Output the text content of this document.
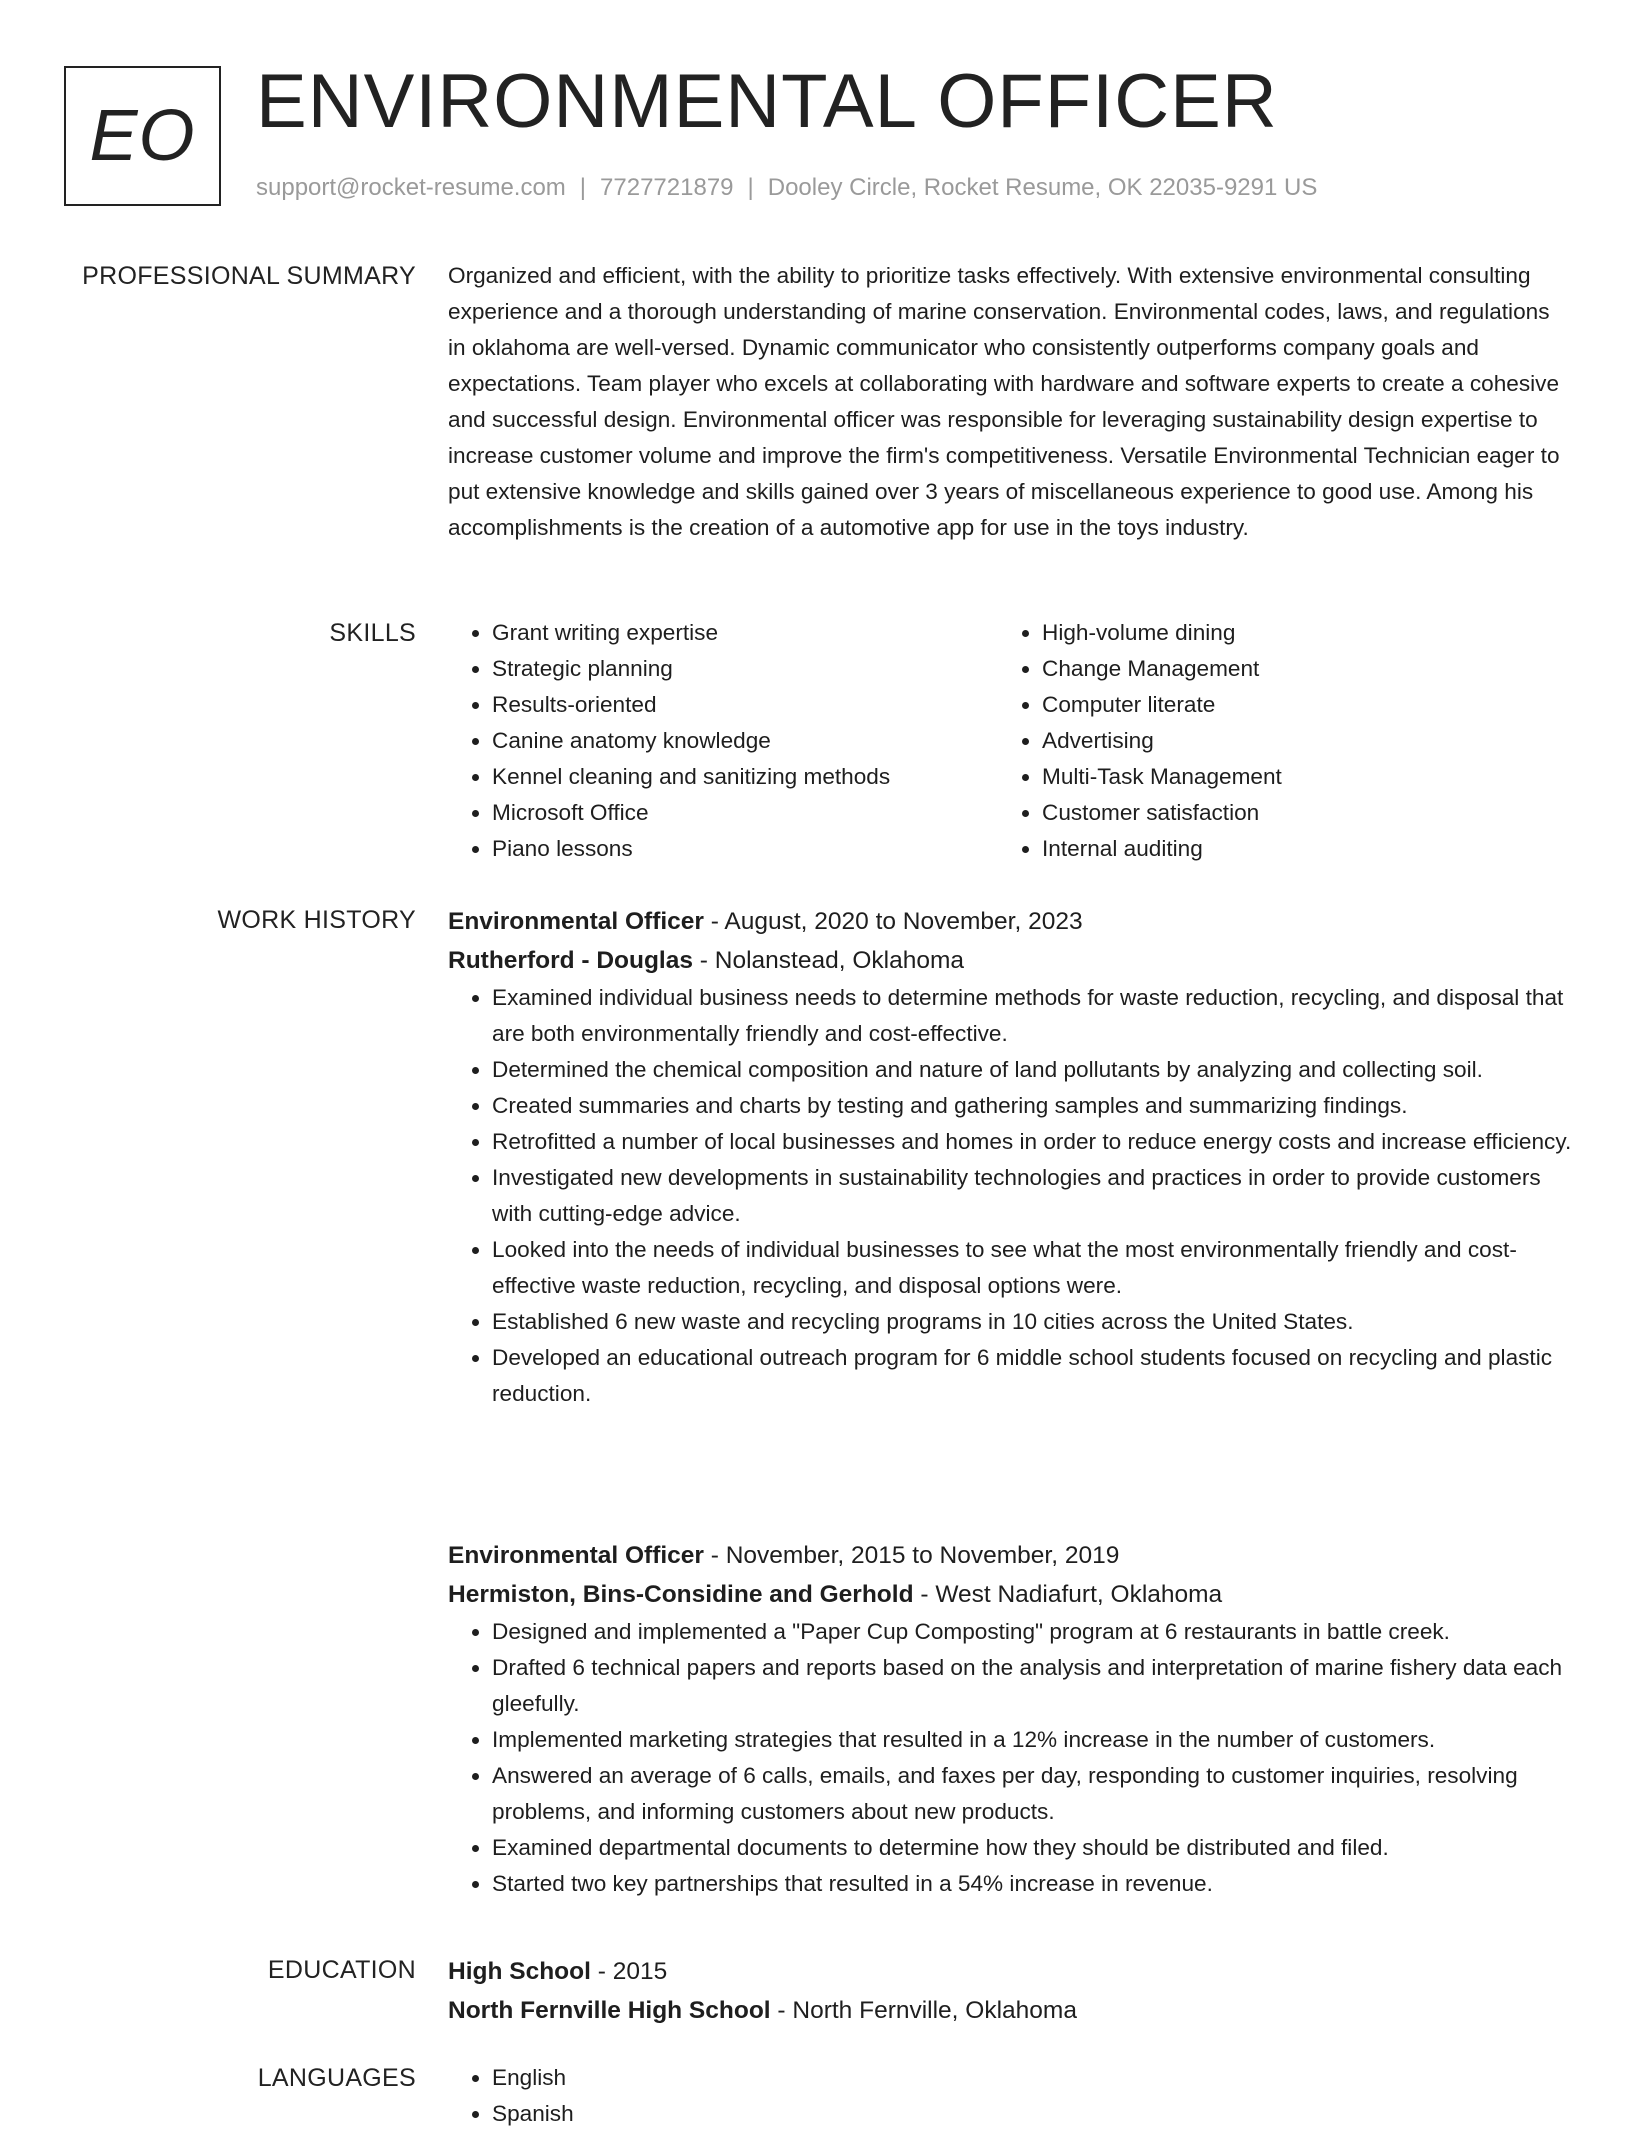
EO ENVIRONMENTAL OFFICER
support@rocket-resume.com | 7727721879 | Dooley Circle, Rocket Resume, OK 22035-9291 US
PROFESSIONAL SUMMARY Organized and efficient, with the ability to prioritize tasks effectively. With extensive environmental consulting experience and a thorough understanding of marine conservation. Environmental codes, laws, and regulations in oklahoma are well-versed. Dynamic communicator who consistently outperforms company goals and expectations. Team player who excels at collaborating with hardware and software experts to create a cohesive and successful design. Environmental officer was responsible for leveraging sustainability design expertise to increase customer volume and improve the firm's competitiveness. Versatile Environmental Technician eager to put extensive knowledge and skills gained over 3 years of miscellaneous experience to good use. Among his accomplishments is the creation of a automotive app for use in the toys industry.

SKILLS	• Grant writing expertise
• Strategic planning
• Results-oriented
• Canine anatomy knowledge
• Kennel cleaning and sanitizing methods
• Microsoft Office
• Piano lessons
• High-volume dining
• Change Management
• Computer literate
• Advertising
• Multi-Task Management
• Customer satisfaction
• Internal auditing
WORK HISTORY Environmental Officer - August, 2020 to November, 2023
Rutherford - Douglas - Nolanstead, Oklahoma
• Examined individual business needs to determine methods for waste reduction, recycling, and disposal that are both environmentally friendly and cost-effective.
• Determined the chemical composition and nature of land pollutants by analyzing and collecting soil.
• Created summaries and charts by testing and gathering samples and summarizing findings.
• Retrofitted a number of local businesses and homes in order to reduce energy costs and increase efficiency.
• Investigated new developments in sustainability technologies and practices in order to provide customers with cutting-edge advice.
• Looked into the needs of individual businesses to see what the most environmentally friendly and cost-effective waste reduction, recycling, and disposal options were.
• Established 6 new waste and recycling programs in 10 cities across the United States.
• Developed an educational outreach program for 6 middle school students focused on recycling and plastic reduction.
Environmental Officer - November, 2015 to November, 2019
Hermiston, Bins-Considine and Gerhold - West Nadiafurt, Oklahoma
• Designed and implemented a "Paper Cup Composting" program at 6 restaurants in battle creek.
• Drafted 6 technical papers and reports based on the analysis and interpretation of marine fishery data each gleefully.
• Implemented marketing strategies that resulted in a 12% increase in the number of customers.
• Answered an average of 6 calls, emails, and faxes per day, responding to customer inquiries, resolving problems, and informing customers about new products.
• Examined departmental documents to determine how they should be distributed and filed.
• Started two key partnerships that resulted in a 54% increase in revenue.
EDUCATION High School - 2015
North Fernville High School - North Fernville, Oklahoma
LANGUAGES	• English
• Spanish
